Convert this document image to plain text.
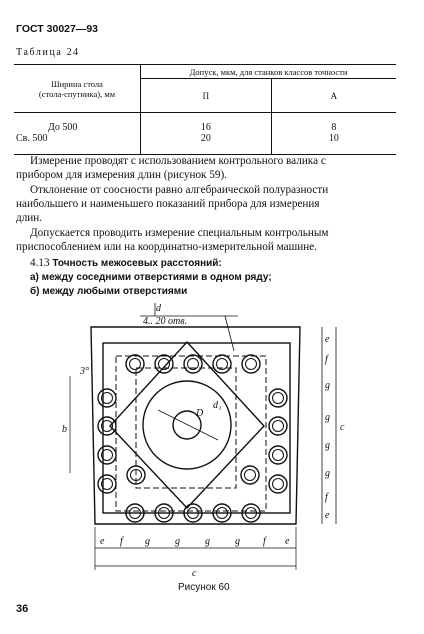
ГОСТ 30027—93
Таблица 24
Ширина стола
(стола-спутника), мм	Допуск, мкм, для станков классов точности	
	П	А
До 500	16	8
Св. 500	20	10
Измерение проводят с использованием контрольного валика с
прибором для измерения длин (рисунок 59).
Отклонение от соосности равно алгебраической полуразности
наибольшего и наименьшего показаний прибора для измерения
длин.
Допускается проводить измерение специальным контрольным
приспособлением или на координатно-измерительной машине.
4.13 Точность межосевых расстояний:
а) между соседними отверстиями в одном ряду;
б) между любыми отверстиями
d
4.. 20 отв.
D
d₁
b	c
c
3°
e f g	g	g	g f e
e
f
g
g
g
g
f
e
Рисунок 60
36
